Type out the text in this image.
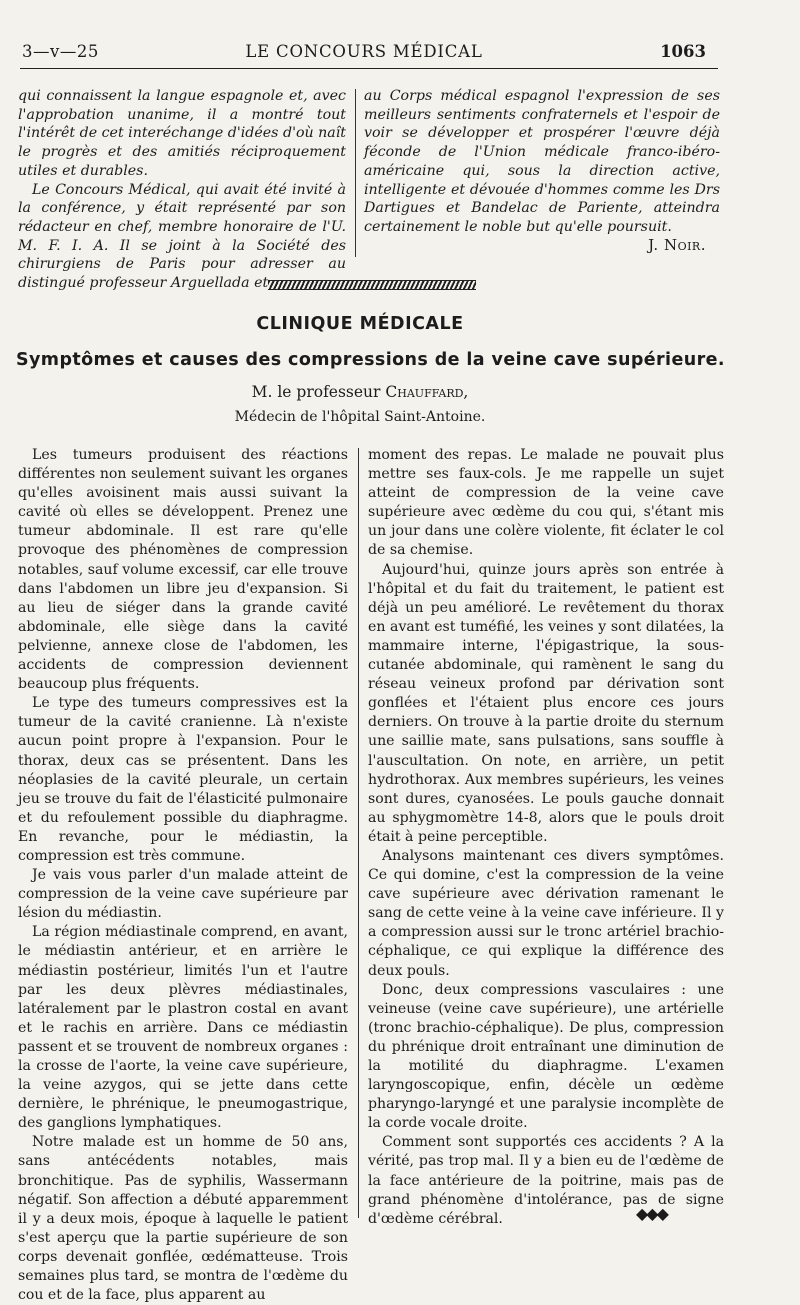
3—v—25	LE CONCOURS MÉDICAL	1063

qui connaissent la langue espagnole et, avec l'approbation unanime, il a montré tout l'intérêt de cet interéchange d'idées d'où naît le progrès et des amitiés réciproquement utiles et durables.

Le Concours Médical, qui avait été invité à la conférence, y était représenté par son rédacteur en chef, membre honoraire de l'U. M. F. I. A. Il se joint à la Société des chirurgiens de Paris pour adresser au distingué professeur Arguellada et

au Corps médical espagnol l'expression de ses meilleurs sentiments confraternels et l'espoir de voir se développer et prospérer l'œuvre déjà féconde de l'Union médicale franco-ibéro-américaine qui, sous la direction active, intelligente et dévouée d'hommes comme les Drs Dartigues et Bandelac de Pariente, atteindra certainement le noble but qu'elle poursuit.

J. Noir.
CLINIQUE MÉDICALE
Symptômes et causes des compressions de la veine cave supérieure.
M. le professeur Chauffard,
Médecin de l'hôpital Saint-Antoine.

Les tumeurs produisent des réactions différentes non seulement suivant les organes qu'elles avoisinent mais aussi suivant la cavité où elles se développent. Prenez une tumeur abdominale. Il est rare qu'elle provoque des phénomènes de compression notables, sauf volume excessif, car elle trouve dans l'abdomen un libre jeu d'expansion. Si au lieu de siéger dans la grande cavité abdominale, elle siège dans la cavité pelvienne, annexe close de l'abdomen, les accidents de compression deviennent beaucoup plus fréquents.

Le type des tumeurs compressives est la tumeur de la cavité cranienne. Là n'existe aucun point propre à l'expansion. Pour le thorax, deux cas se présentent. Dans les néoplasies de la cavité pleurale, un certain jeu se trouve du fait de l'élasticité pulmonaire et du refoulement possible du diaphragme. En revanche, pour le médiastin, la compression est très commune.

Je vais vous parler d'un malade atteint de compression de la veine cave supérieure par lésion du médiastin.

La région médiastinale comprend, en avant, le médiastin antérieur, et en arrière le médiastin postérieur, limités l'un et l'autre par les deux plèvres médiastinales, latéralement par le plastron costal en avant et le rachis en arrière. Dans ce médiastin passent et se trouvent de nombreux organes : la crosse de l'aorte, la veine cave supérieure, la veine azygos, qui se jette dans cette dernière, le phrénique, le pneumogastrique, des ganglions lymphatiques.

Notre malade est un homme de 50 ans, sans antécédents notables, mais bronchitique. Pas de syphilis, Wassermann négatif. Son affection a débuté apparemment il y a deux mois, époque à laquelle le patient s'est aperçu que la partie supérieure de son corps devenait gonflée, œdématteuse. Trois semaines plus tard, se montra de l'œdème du cou et de la face, plus apparent au

moment des repas. Le malade ne pouvait plus mettre ses faux-cols. Je me rappelle un sujet atteint de compression de la veine cave supérieure avec œdème du cou qui, s'étant mis un jour dans une colère violente, fit éclater le col de sa chemise.

Aujourd'hui, quinze jours après son entrée à l'hôpital et du fait du traitement, le patient est déjà un peu amélioré. Le revêtement du thorax en avant est tuméfié, les veines y sont dilatées, la mammaire interne, l'épigastrique, la sous-cutanée abdominale, qui ramènent le sang du réseau veineux profond par dérivation sont gonflées et l'étaient plus encore ces jours derniers. On trouve à la partie droite du sternum une saillie mate, sans pulsations, sans souffle à l'auscultation. On note, en arrière, un petit hydrothorax. Aux membres supérieurs, les veines sont dures, cyanosées. Le pouls gauche donnait au sphygmomètre 14-8, alors que le pouls droit était à peine perceptible.

Analysons maintenant ces divers symptômes. Ce qui domine, c'est la compression de la veine cave supérieure avec dérivation ramenant le sang de cette veine à la veine cave inférieure. Il y a compression aussi sur le tronc artériel brachio-céphalique, ce qui explique la différence des deux pouls.

Donc, deux compressions vasculaires : une veineuse (veine cave supérieure), une artérielle (tronc brachio-céphalique). De plus, compression du phrénique droit entraînant une diminution de la motilité du diaphragme. L'examen laryngoscopique, enfin, décèle un œdème pharyngo-laryngé et une paralysie incomplète de la corde vocale droite.

Comment sont supportés ces accidents ? A la vérité, pas trop mal. Il y a bien eu de l'œdème de la face antérieure de la poitrine, mais pas de grand phénomène d'intolérance, pas de signe d'œdème cérébral.	◆◆◆
